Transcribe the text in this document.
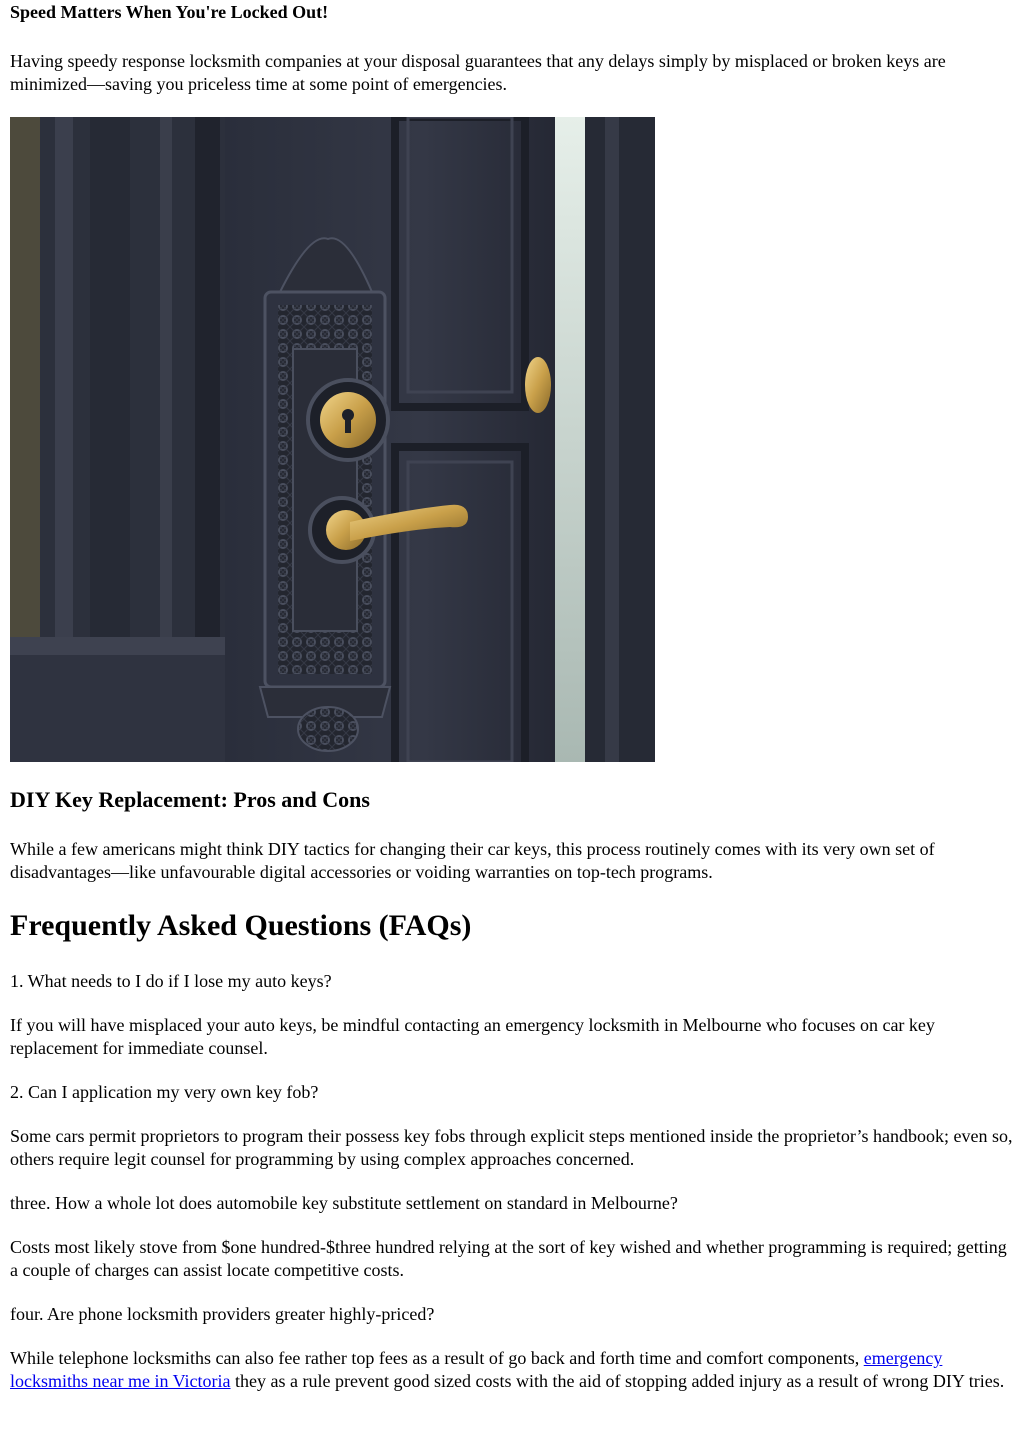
Speed Matters When You're Locked Out!

Having speedy response locksmith companies at your disposal guarantees that any delays simply by misplaced or broken keys are minimized—saving you priceless time at some point of emergencies.

DIY Key Replacement: Pros and Cons

While a few americans might think DIY tactics for changing their car keys, this process routinely comes with its very own set of disadvantages—like unfavourable digital accessories or voiding warranties on top-tech programs.

Frequently Asked Questions (FAQs)

1. What needs to I do if I lose my auto keys?

If you will have misplaced your auto keys, be mindful contacting an emergency locksmith in Melbourne who focuses on car key replacement for immediate counsel.

2. Can I application my very own key fob?

Some cars permit proprietors to program their possess key fobs through explicit steps mentioned inside the proprietor’s handbook; even so, others require legit counsel for programming by using complex approaches concerned.

three. How a whole lot does automobile key substitute settlement on standard in Melbourne?

Costs most likely stove from $one hundred-$three hundred relying at the sort of key wished and whether programming is required; getting a couple of charges can assist locate competitive costs.

four. Are phone locksmith providers greater highly-priced?

While telephone locksmiths can also fee rather top fees as a result of go back and forth time and comfort components, emergency locksmiths near me in Victoria they as a rule prevent good sized costs with the aid of stopping added injury as a result of wrong DIY tries.
